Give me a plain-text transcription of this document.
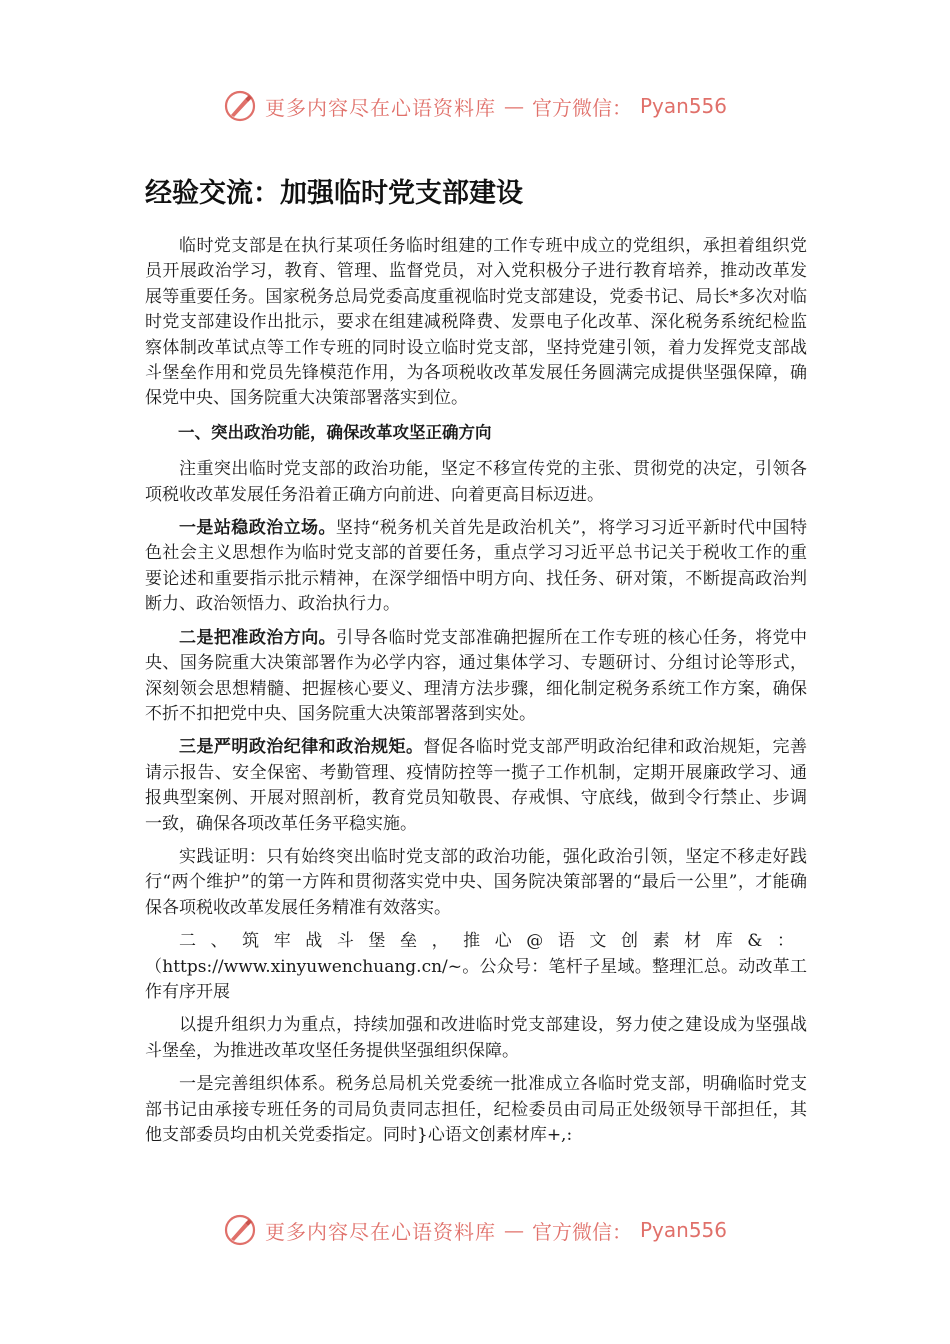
更多内容尽在心语资料库 — 官方微信： Pyan556
经验交流：加强临时党支部建设

临时党支部是在执行某项任务临时组建的工作专班中成立的党组织，承担着组织党员开展政治学习，教育、管理、监督党员，对入党积极分子进行教育培养，推动改革发展等重要任务。国家税务总局党委高度重视临时党支部建设，党委书记、局长*多次对临时党支部建设作出批示，要求在组建减税降费、发票电子化改革、深化税务系统纪检监察体制改革试点等工作专班的同时设立临时党支部，坚持党建引领，着力发挥党支部战斗堡垒作用和党员先锋模范作用，为各项税收改革发展任务圆满完成提供坚强保障，确保党中央、国务院重大决策部署落实到位。

一、突出政治功能，确保改革攻坚正确方向

注重突出临时党支部的政治功能，坚定不移宣传党的主张、贯彻党的决定，引领各项税收改革发展任务沿着正确方向前进、向着更高目标迈进。

一是站稳政治立场。坚持“税务机关首先是政治机关”，将学习习近平新时代中国特色社会主义思想作为临时党支部的首要任务，重点学习习近平总书记关于税收工作的重要论述和重要指示批示精神，在深学细悟中明方向、找任务、研对策，不断提高政治判断力、政治领悟力、政治执行力。

二是把准政治方向。引导各临时党支部准确把握所在工作专班的核心任务，将党中央、国务院重大决策部署作为必学内容，通过集体学习、专题研讨、分组讨论等形式，深刻领会思想精髓、把握核心要义、理清方法步骤，细化制定税务系统工作方案，确保不折不扣把党中央、国务院重大决策部署落到实处。

三是严明政治纪律和政治规矩。督促各临时党支部严明政治纪律和政治规矩，完善请示报告、安全保密、考勤管理、疫情防控等一揽子工作机制，定期开展廉政学习、通报典型案例、开展对照剖析，教育党员知敬畏、存戒惧、守底线，做到令行禁止、步调一致，确保各项改革任务平稳实施。

实践证明：只有始终突出临时党支部的政治功能，强化政治引领，坚定不移走好践行“两个维护”的第一方阵和贯彻落实党中央、国务院决策部署的“最后一公里”，才能确保各项税收改革发展任务精准有效落实。

二、筑牢战斗堡垒，推心@语文创素材库&：（https://www.xinyuwenchuang.cn/~。公众号：笔杆子星域。整理汇总。动改革工作有序开展

以提升组织力为重点，持续加强和改进临时党支部建设，努力使之建设成为坚强战斗堡垒，为推进改革攻坚任务提供坚强组织保障。

一是完善组织体系。税务总局机关党委统一批准成立各临时党支部，明确临时党支部书记由承接专班任务的司局负责同志担任，纪检委员由司局正处级领导干部担任，其他支部委员均由机关党委指定。同时}心语文创素材库+,:

更多内容尽在心语资料库 — 官方微信： Pyan556
